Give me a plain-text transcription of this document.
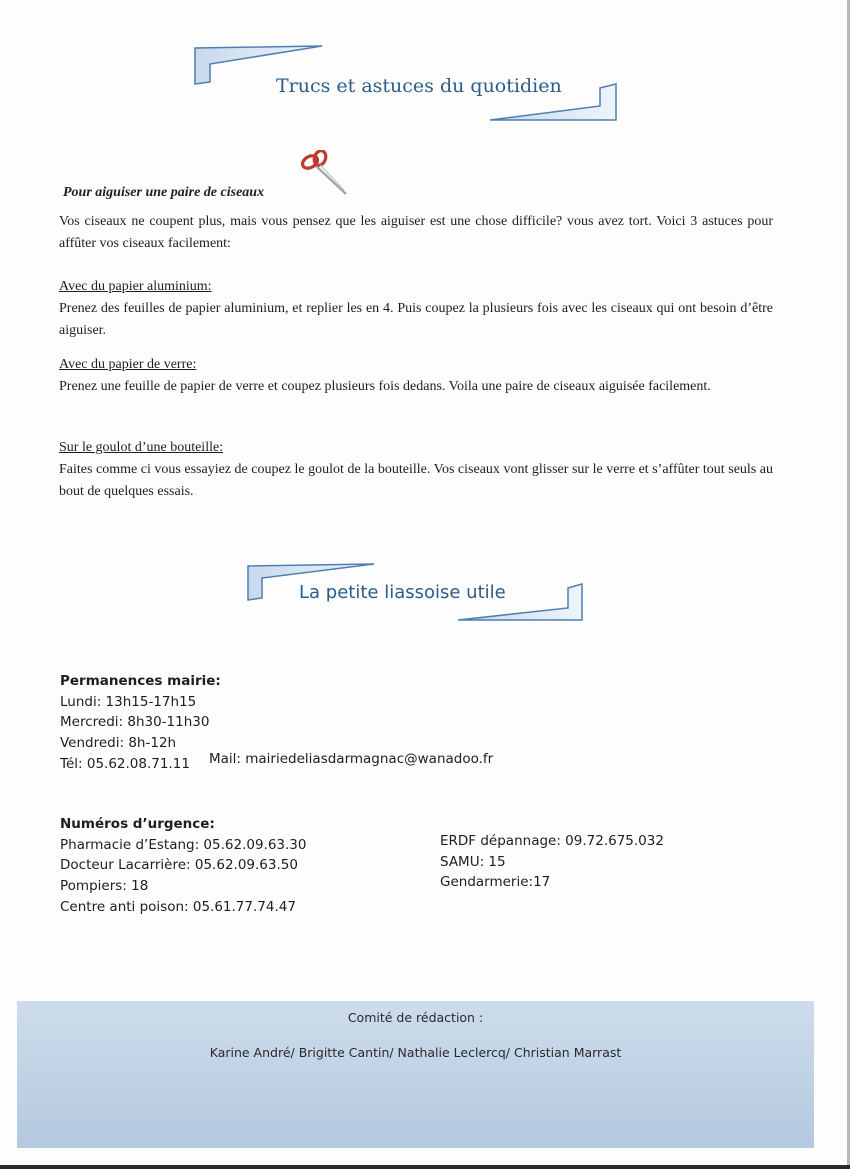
Trucs et astuces du quotidien
Pour aiguiser une paire de ciseaux
Vos ciseaux ne coupent plus, mais vous pensez que les aiguiser est une chose difficile? vous avez tort. Voici 3 astuces pour affûter vos ciseaux facilement:
Avec du papier aluminium:
Prenez des feuilles de papier aluminium, et replier les en 4. Puis coupez la plusieurs fois avec les ciseaux qui ont besoin d’être aiguiser.
Avec du papier de verre:
Prenez une feuille de papier de verre et coupez plusieurs fois dedans. Voila une paire de ciseaux aiguisée facilement.
Sur le goulot d’une bouteille:
Faites comme ci vous essayiez de coupez le goulot de la bouteille. Vos ciseaux vont glisser sur le verre et s’affûter tout seuls au bout de quelques essais.
La petite liassoise utile
Permanences mairie:
Lundi: 13h15-17h15
Mercredi: 8h30-11h30
Vendredi: 8h-12h
Tél: 05.62.08.71.11	Mail: mairiedeliasdarmagnac@wanadoo.fr
Numéros d’urgence:
Pharmacie d’Estang: 05.62.09.63.30
Docteur Lacarrière: 05.62.09.63.50
Pompiers: 18
Centre anti poison: 05.61.77.74.47
ERDF dépannage: 09.72.675.032
SAMU: 15
Gendarmerie:17
Comité de rédaction :
Karine André/ Brigitte Cantin/ Nathalie Leclercq/ Christian Marrast
